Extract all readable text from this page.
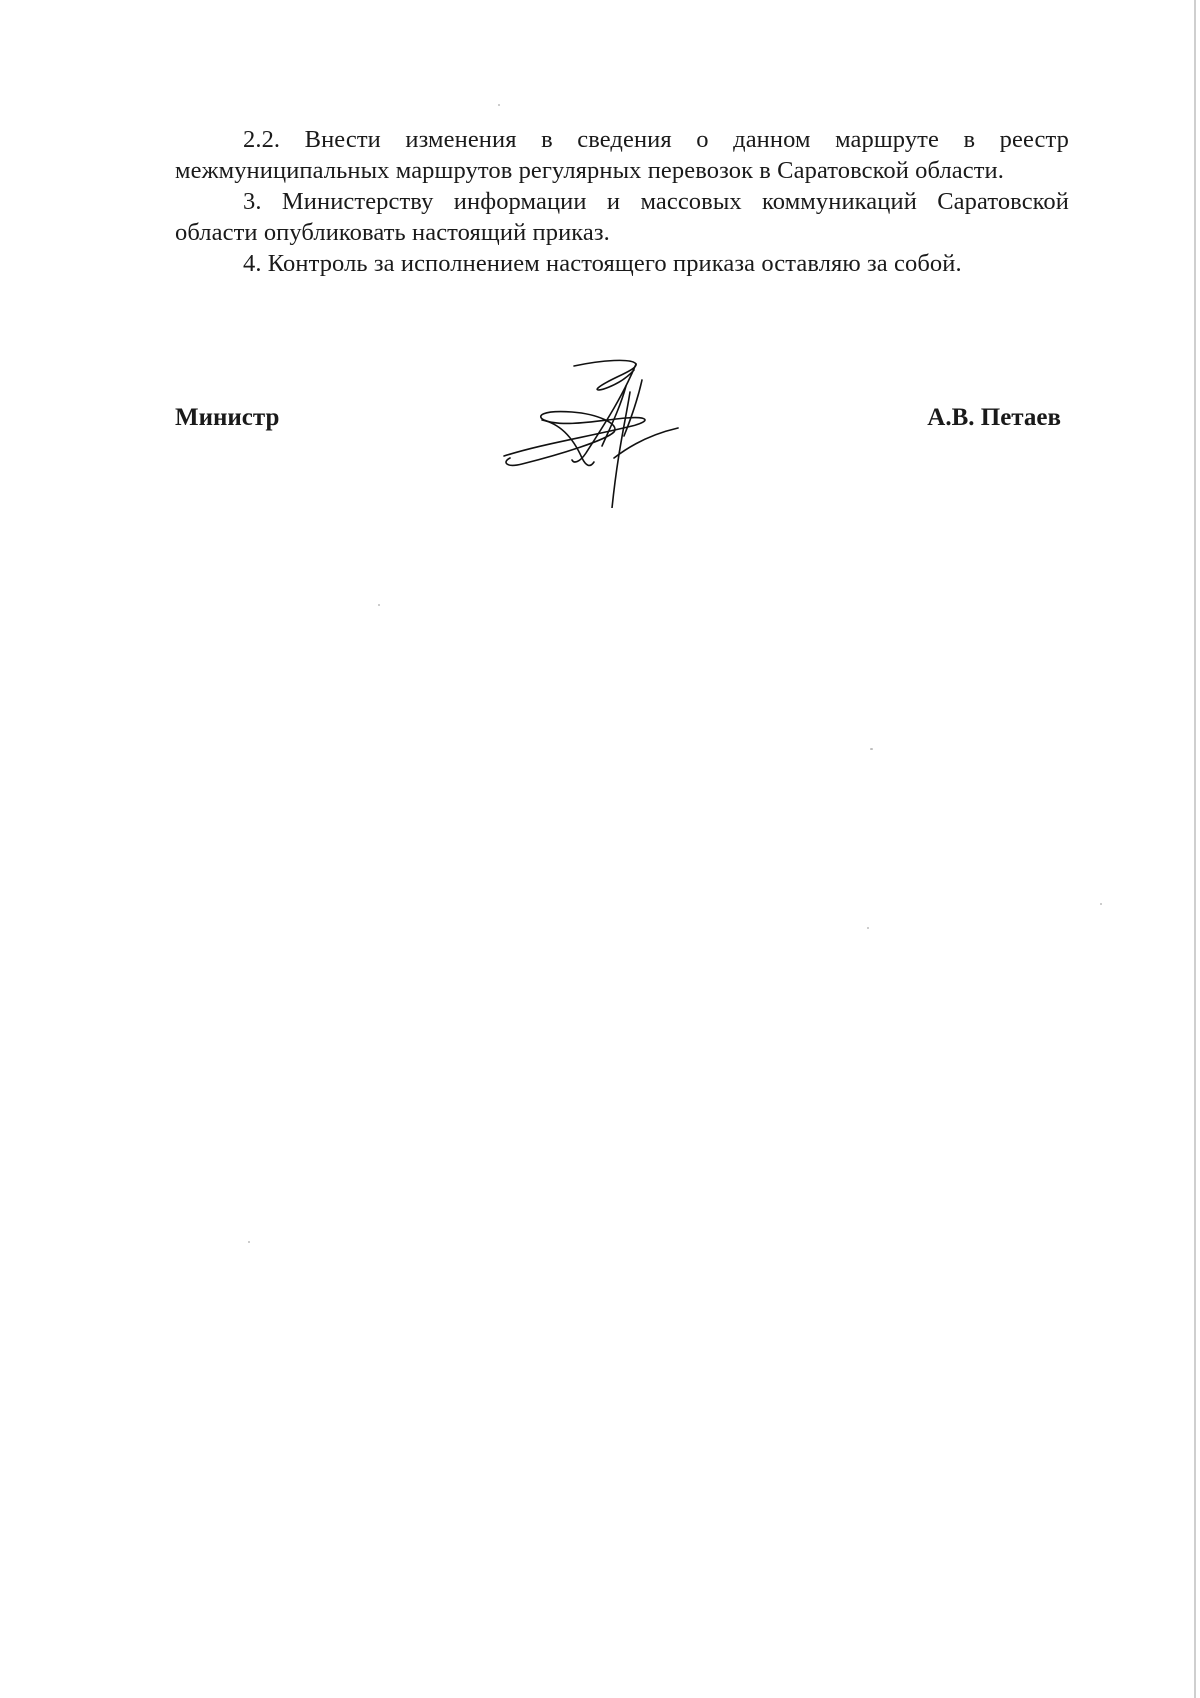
2.2. Внести изменения в сведения о данном маршруте в реестр межмуниципальных маршрутов регулярных перевозок в Саратовской области.

3. Министерству информации и массовых коммуникаций Саратовской области опубликовать настоящий приказ.

4. Контроль за исполнением настоящего приказа оставляю за собой.

Министр	А.В. Петаев
